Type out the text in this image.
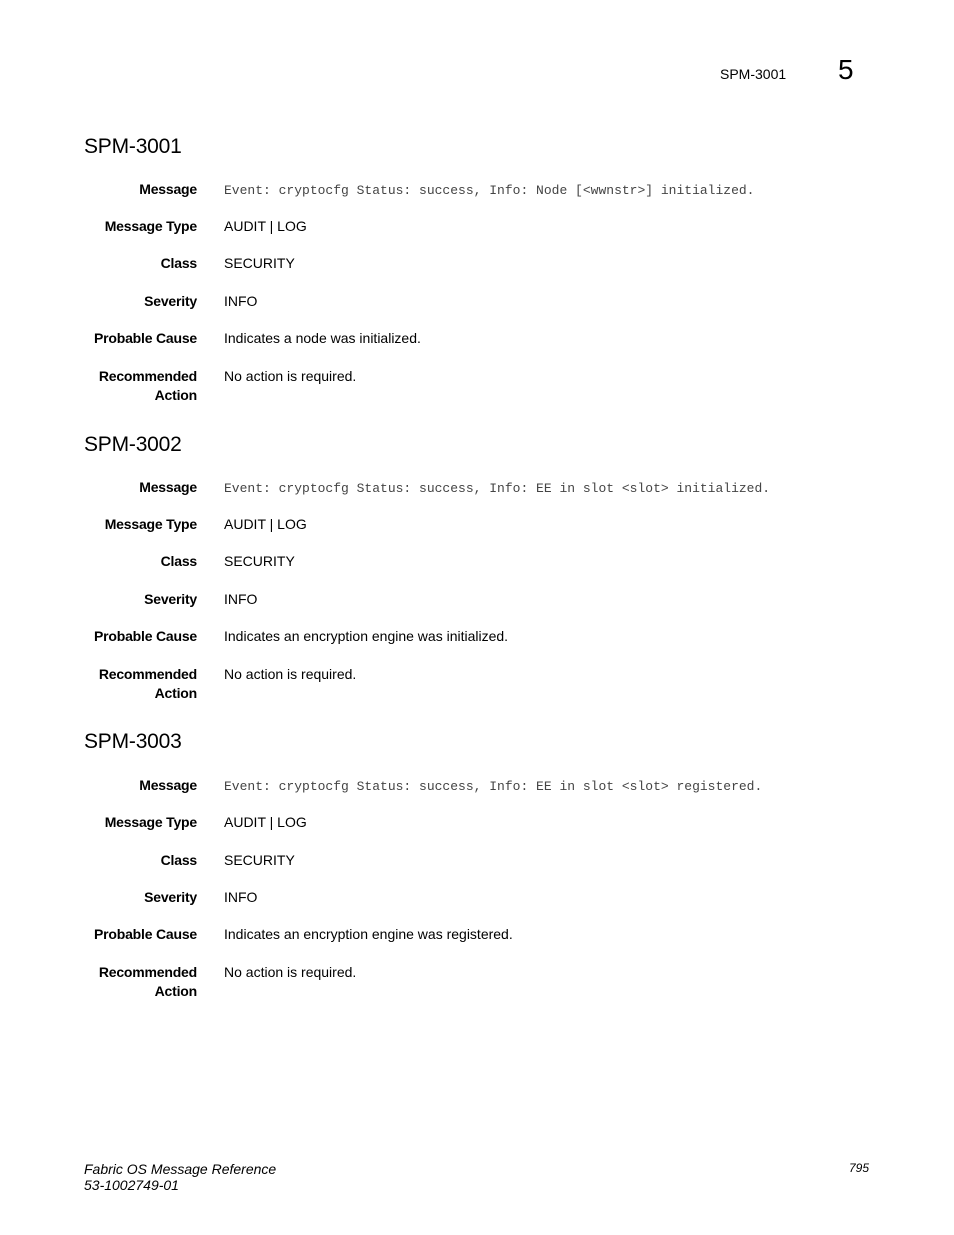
SPM-3001 5
SPM-3001
Message Event: cryptocfg Status: success, Info: Node [<wwnstr>] initialized.
Message Type AUDIT | LOG
Class SECURITY
Severity INFO
Probable Cause Indicates a node was initialized.
Recommended
Action
No action is required.
SPM-3002
Message Event: cryptocfg Status: success, Info: EE in slot <slot> initialized.
Message Type AUDIT | LOG
Class SECURITY
Severity INFO
Probable Cause Indicates an encryption engine was initialized.
Recommended
Action
No action is required.
SPM-3003
Message Event: cryptocfg Status: success, Info: EE in slot <slot> registered.
Message Type AUDIT | LOG
Class SECURITY
Severity INFO
Probable Cause Indicates an encryption engine was registered.
Recommended
Action
No action is required.
Fabric OS Message Reference
53-1002749-01
795
